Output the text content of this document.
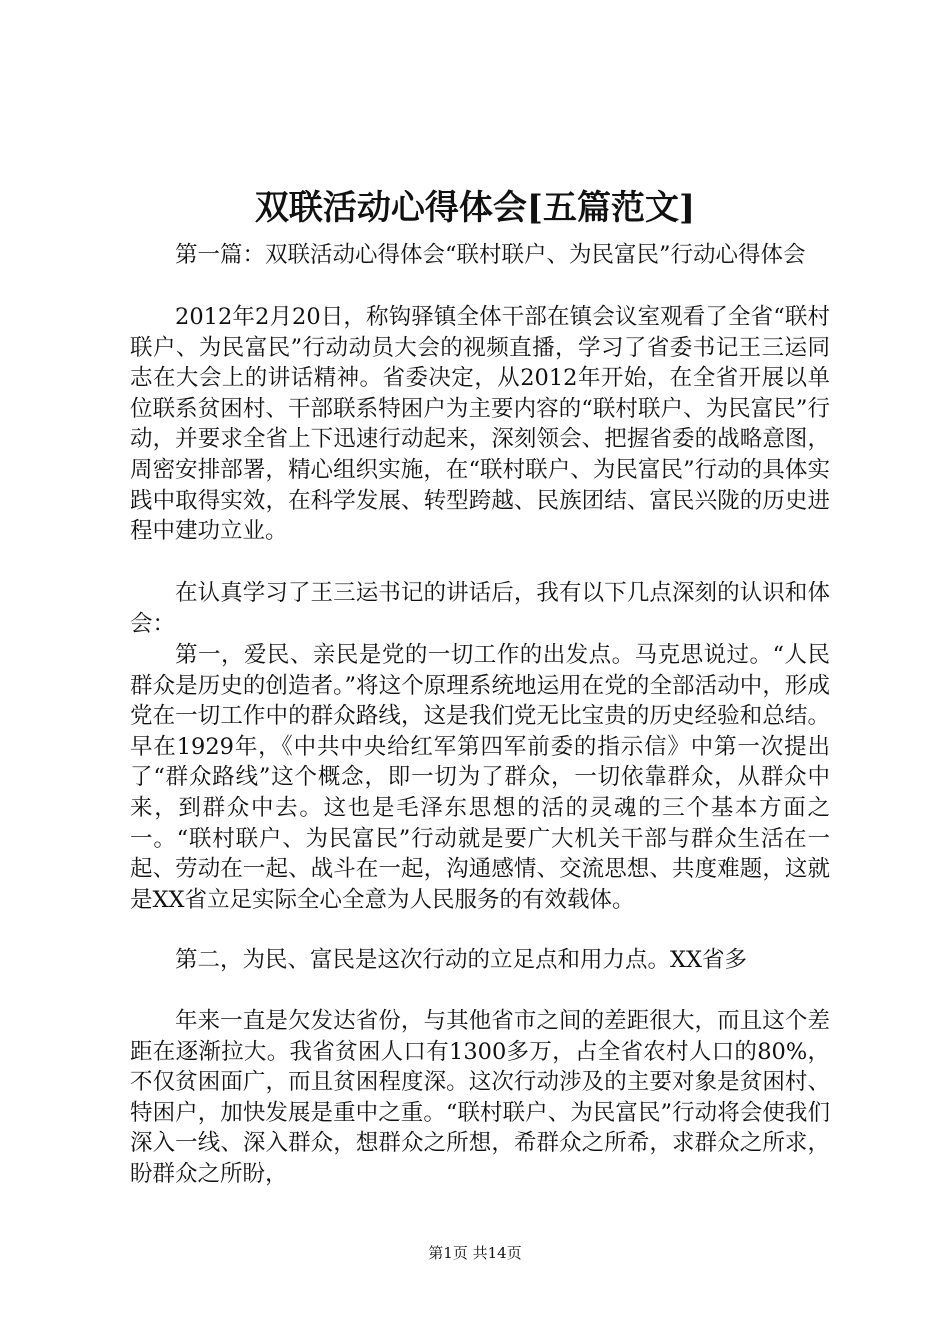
双联活动心得体会[五篇范文]

第一篇：双联活动心得体会“联村联户、为民富民”行动心得体会

2012年2月20日，称钩驿镇全体干部在镇会议室观看了全省“联村联户、为民富民”行动动员大会的视频直播，学习了省委书记王三运同志在大会上的讲话精神。省委决定，从2012年开始，在全省开展以单位联系贫困村、干部联系特困户为主要内容的“联村联户、为民富民”行动，并要求全省上下迅速行动起来，深刻领会、把握省委的战略意图，周密安排部署，精心组织实施，在“联村联户、为民富民”行动的具体实践中取得实效，在科学发展、转型跨越、民族团结、富民兴陇的历史进程中建功立业。

在认真学习了王三运书记的讲话后，我有以下几点深刻的认识和体会：

第一，爱民、亲民是党的一切工作的出发点。马克思说过。“人民群众是历史的创造者。”将这个原理系统地运用在党的全部活动中，形成党在一切工作中的群众路线，这是我们党无比宝贵的历史经验和总结。早在1929年，《中共中央给红军第四军前委的指示信》中第一次提出了“群众路线”这个概念，即一切为了群众，一切依靠群众，从群众中来，到群众中去。这也是毛泽东思想的活的灵魂的三个基本方面之一。“联村联户、为民富民”行动就是要广大机关干部与群众生活在一起、劳动在一起、战斗在一起，沟通感情、交流思想、共度难题，这就是XX省立足实际全心全意为人民服务的有效载体。

第二，为民、富民是这次行动的立足点和用力点。XX省多

年来一直是欠发达省份，与其他省市之间的差距很大，而且这个差距在逐渐拉大。我省贫困人口有1300多万，占全省农村人口的80%，不仅贫困面广，而且贫困程度深。这次行动涉及的主要对象是贫困村、特困户，加快发展是重中之重。“联村联户、为民富民”行动将会使我们深入一线、深入群众，想群众之所想，希群众之所希，求群众之所求，盼群众之所盼，

第1页 共14页
